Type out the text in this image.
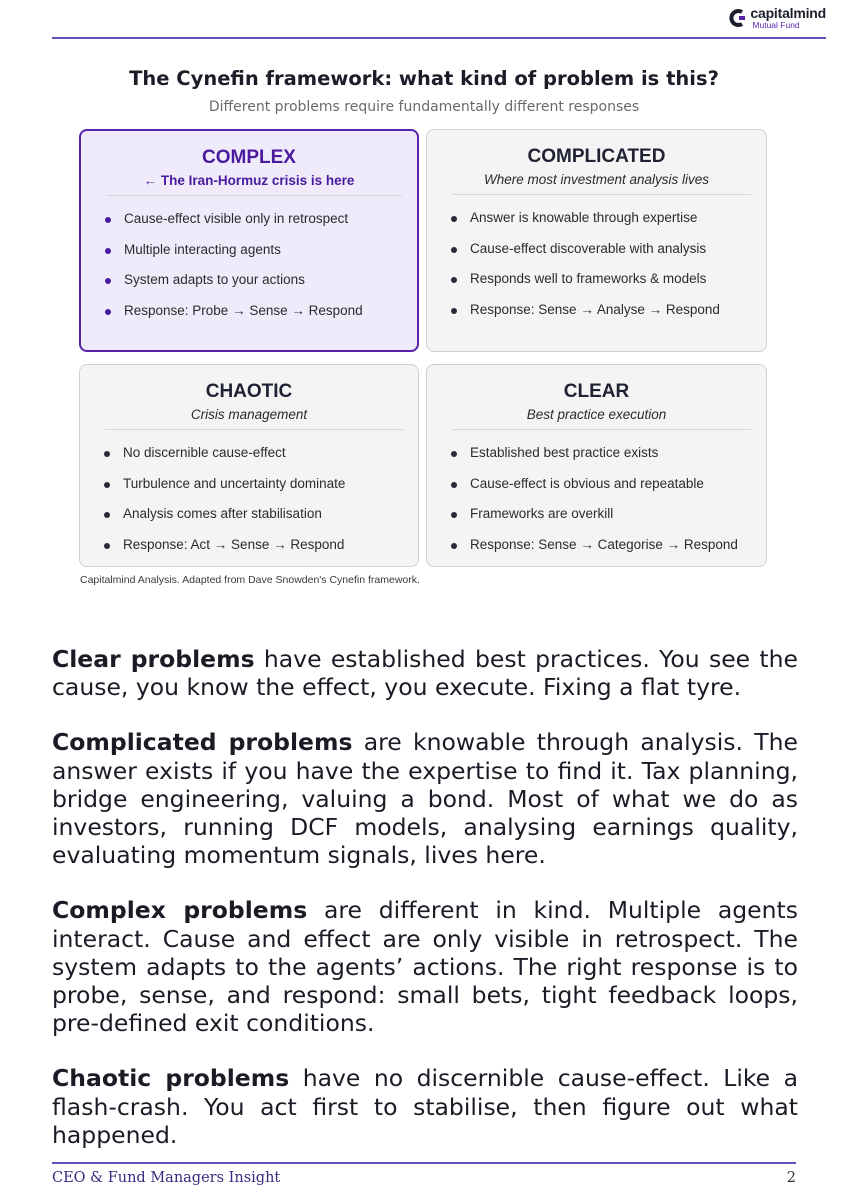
capitalmind
Mutual Fund
The Cynefin framework: what kind of problem is this?
Different problems require fundamentally different responses
COMPLEX
← The Iran-Hormuz crisis is here
Cause-effect visible only in retrospect
Multiple interacting agents
System adapts to your actions
Response: Probe → Sense → Respond
COMPLICATED
Where most investment analysis lives
Answer is knowable through expertise
Cause-effect discoverable with analysis
Responds well to frameworks & models
Response: Sense → Analyse → Respond
CHAOTIC
Crisis management
No discernible cause-effect
Turbulence and uncertainty dominate
Analysis comes after stabilisation
Response: Act → Sense → Respond
CLEAR
Best practice execution
Established best practice exists
Cause-effect is obvious and repeatable
Frameworks are overkill
Response: Sense → Categorise → Respond
Capitalmind Analysis. Adapted from Dave Snowden's Cynefin framework.

Clear problems have established best practices. You see the cause, you know the effect, you execute. Fixing a flat tyre.

Complicated problems are knowable through analysis. The answer exists if you have the expertise to find it. Tax planning, bridge engineering, valuing a bond. Most of what we do as investors, running DCF models, analysing earnings quality, evaluating momentum signals, lives here.

Complex problems are different in kind. Multiple agents interact. Cause and effect are only visible in retrospect. The system adapts to the agents’ actions. The right response is to probe, sense, and respond: small bets, tight feedback loops, pre-defined exit conditions.

Chaotic problems have no discernible cause-effect. Like a flash-crash. You act first to stabilise, then figure out what happened.

CEO & Fund Managers Insight	2
